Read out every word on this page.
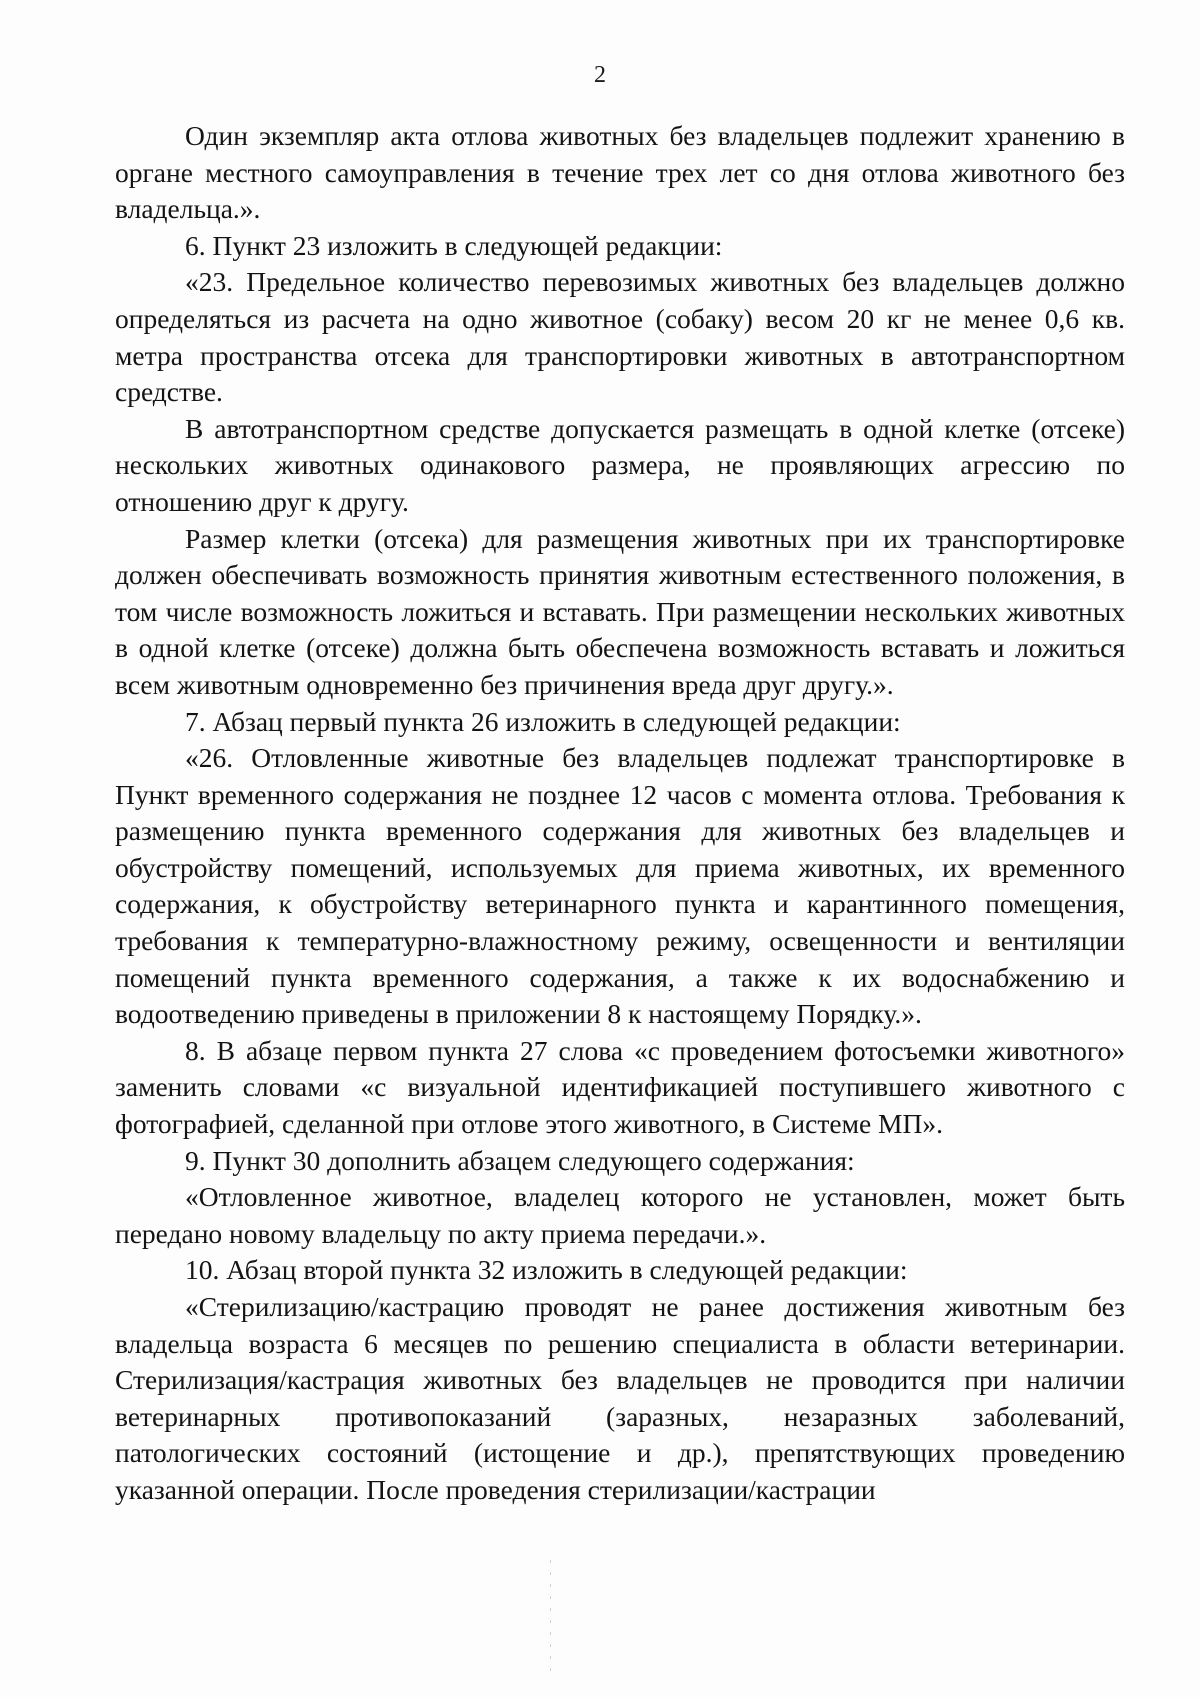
2

Один экземпляр акта отлова животных без владельцев подлежит хранению в органе местного самоуправления в течение трех лет со дня отлова животного без владельца.».

6. Пункт 23 изложить в следующей редакции:

«23. Предельное количество перевозимых животных без владельцев должно определяться из расчета на одно животное (собаку) весом 20 кг не менее 0,6 кв. метра пространства отсека для транспортировки животных в автотранспортном средстве.

В автотранспортном средстве допускается размещать в одной клетке (отсеке) нескольких животных одинакового размера, не проявляющих агрессию по отношению друг к другу.

Размер клетки (отсека) для размещения животных при их транспортировке должен обеспечивать возможность принятия животным естественного положения, в том числе возможность ложиться и вставать. При размещении нескольких животных в одной клетке (отсеке) должна быть обеспечена возможность вставать и ложиться всем животным одновременно без причинения вреда друг другу.».

7. Абзац первый пункта 26 изложить в следующей редакции:

«26. Отловленные животные без владельцев подлежат транспортировке в Пункт временного содержания не позднее 12 часов с момента отлова. Требования к размещению пункта временного содержания для животных без владельцев и обустройству помещений, используемых для приема животных, их временного содержания, к обустройству ветеринарного пункта и карантинного помещения, требования к температурно-влажностному режиму, освещенности и вентиляции помещений пункта временного содержания, а также к их водоснабжению и водоотведению приведены в приложении 8 к настоящему Порядку.».

8. В абзаце первом пункта 27 слова «с проведением фотосъемки животного» заменить словами «с визуальной идентификацией поступившего животного с фотографией, сделанной при отлове этого животного, в Системе МП».

9. Пункт 30 дополнить абзацем следующего содержания:

«Отловленное животное, владелец которого не установлен, может быть передано новому владельцу по акту приема передачи.».

10. Абзац второй пункта 32 изложить в следующей редакции:

«Стерилизацию/кастрацию проводят не ранее достижения животным без владельца возраста 6 месяцев по решению специалиста в области ветеринарии. Стерилизация/кастрация животных без владельцев не проводится при наличии ветеринарных противопоказаний (заразных, незаразных заболеваний, патологических состояний (истощение и др.), препятствующих проведению указанной операции. После проведения стерилизации/кастрации
